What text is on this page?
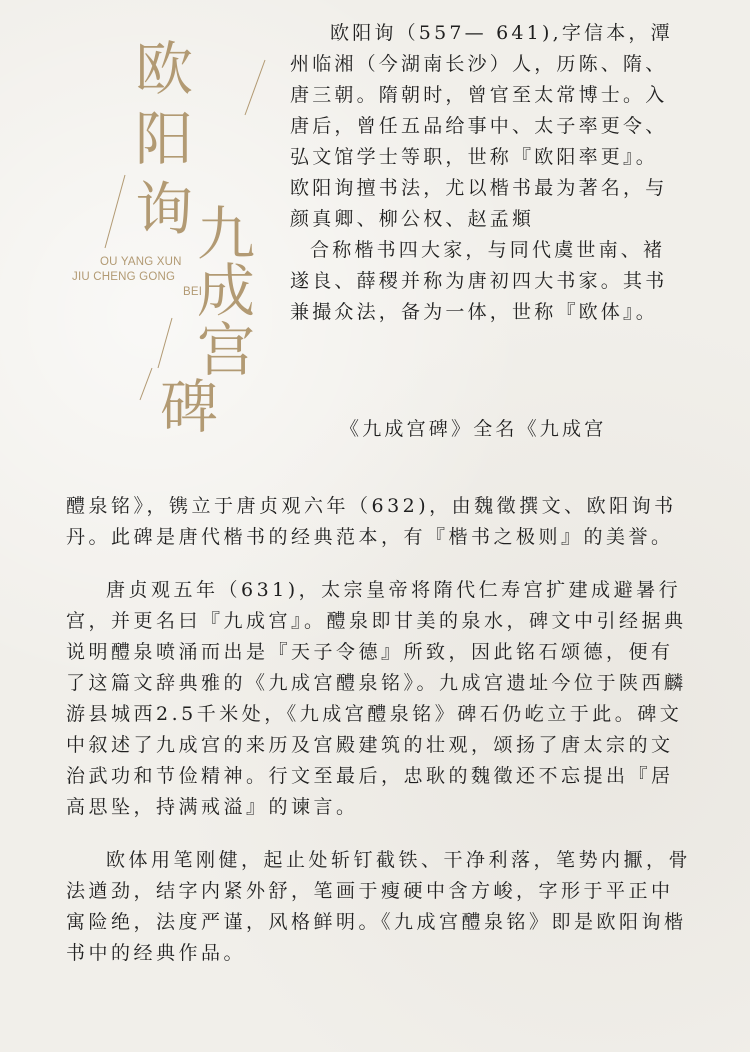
欧
阳
询 九
成
宫
碑
OU YANG XUN
JIU CHENG GONG
BEI

欧阳询（557— 641),字信本，潭州临湘（今湖南长沙）人，历陈、隋、唐三朝。隋朝时，曾官至太常博士。入唐后，曾任五品给事中、太子率更令、弘文馆学士等职，世称『欧阳率更』。欧阳询擅书法，尤以楷书最为著名，与颜真卿、柳公权、赵孟頫

合称楷书四大家，与同代虞世南、褚遂良、薛稷并称为唐初四大书家。其书兼撮众法，备为一体，世称『欧体』。

《九成宫碑》全名《九成宫

醴泉铭》，镌立于唐贞观六年（632)，由魏徵撰文、欧阳询书丹。此碑是唐代楷书的经典范本，有『楷书之极则』的美誉。

唐贞观五年（631)，太宗皇帝将隋代仁寿宫扩建成避暑行宫，并更名曰『九成宫』。醴泉即甘美的泉水，碑文中引经据典说明醴泉喷涌而出是『天子令德』所致，因此铭石颂德，便有了这篇文辞典雅的《九成宫醴泉铭》。九成宫遗址今位于陕西麟游县城西2.5千米处，《九成宫醴泉铭》碑石仍屹立于此。碑文中叙述了九成宫的来历及宫殿建筑的壮观，颂扬了唐太宗的文治武功和节俭精神。行文至最后，忠耿的魏徵还不忘提出『居高思坠，持满戒溢』的谏言。

欧体用笔刚健，起止处斩钉截铁、干净利落，笔势内擫，骨法遒劲，结字内紧外舒，笔画于瘦硬中含方峻，字形于平正中寓险绝，法度严谨，风格鲜明。《九成宫醴泉铭》即是欧阳询楷书中的经典作品。
